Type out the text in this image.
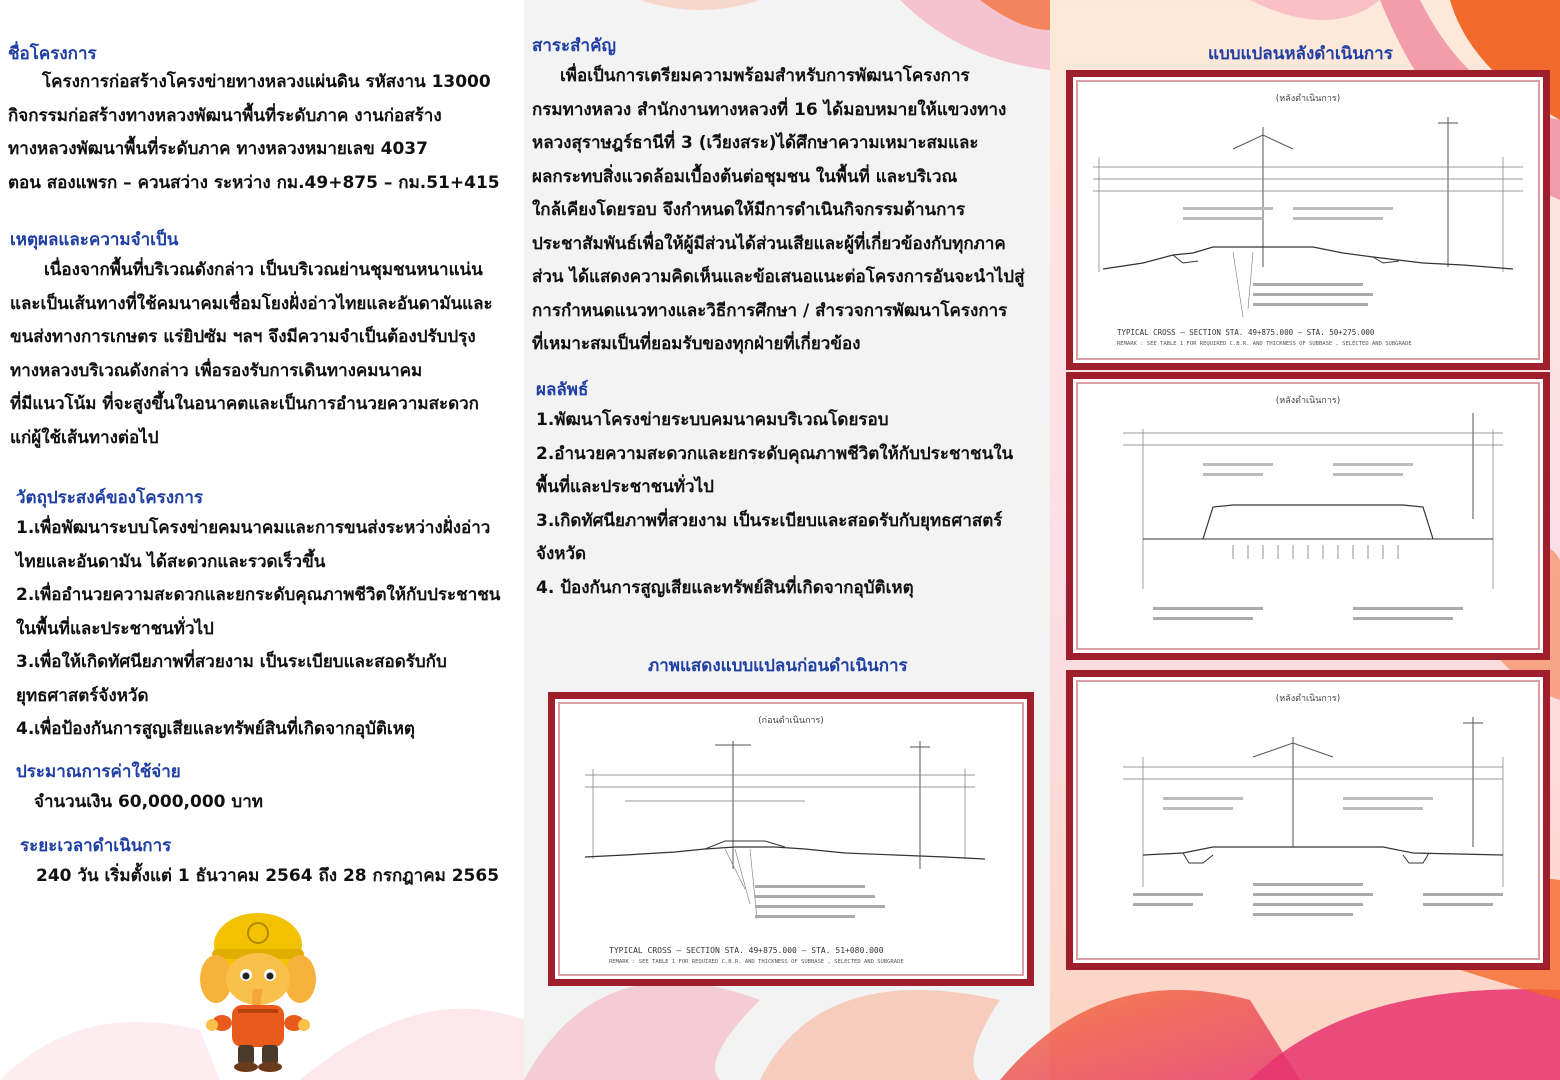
ชื่อโครงการ
โครงการก่อสร้างโครงข่ายทางหลวงแผ่นดิน รหัสงาน 13000
กิจกรรมก่อสร้างทางหลวงพัฒนาพื้นที่ระดับภาค งานก่อสร้าง
ทางหลวงพัฒนาพื้นที่ระดับภาค ทางหลวงหมายเลข 4037
ตอน สองแพรก – ควนสว่าง ระหว่าง กม.49+875 – กม.51+415
เหตุผลและความจำเป็น
เนื่องจากพื้นที่บริเวณดังกล่าว เป็นบริเวณย่านชุมชนหนาแน่น
และเป็นเส้นทางที่ใช้คมนาคมเชื่อมโยงฝั่งอ่าวไทยและอันดามันและ
ขนส่งทางการเกษตร แร่ยิปซัม ฯลฯ จึงมีความจำเป็นต้องปรับปรุง
ทางหลวงบริเวณดังกล่าว เพื่อรองรับการเดินทางคมนาคม
ที่มีแนวโน้ม ที่จะสูงขึ้นในอนาคตและเป็นการอำนวยความสะดวก
แก่ผู้ใช้เส้นทางต่อไป
วัตถุประสงค์ของโครงการ
1.เพื่อพัฒนาระบบโครงข่ายคมนาคมและการขนส่งระหว่างฝั่งอ่าว
ไทยและอันดามัน ได้สะดวกและรวดเร็วขึ้น
2.เพื่ออำนวยความสะดวกและยกระดับคุณภาพชีวิตให้กับประชาชน
ในพื้นที่และประชาชนทั่วไป
3.เพื่อให้เกิดทัศนียภาพที่สวยงาม เป็นระเบียบและสอดรับกับ
ยุทธศาสตร์จังหวัด
4.เพื่อป้องกันการสูญเสียและทรัพย์สินที่เกิดจากอุบัติเหตุ
ประมาณการค่าใช้จ่าย
จำนวนเงิน 60,000,000 บาท
ระยะเวลาดำเนินการ
240 วัน เริ่มตั้งแต่ 1 ธันวาคม 2564 ถึง 28 กรกฎาคม 2565
สาระสำคัญ
เพื่อเป็นการเตรียมความพร้อมสำหรับการพัฒนาโครงการ
กรมทางหลวง สำนักงานทางหลวงที่ 16 ได้มอบหมายให้แขวงทาง
หลวงสุราษฎร์ธานีที่ 3 (เวียงสระ)ได้ศึกษาความเหมาะสมและ
ผลกระทบสิ่งแวดล้อมเบื้องต้นต่อชุมชน ในพื้นที่ และบริเวณ
ใกล้เคียงโดยรอบ จึงกำหนดให้มีการดำเนินกิจกรรมด้านการ
ประชาสัมพันธ์เพื่อให้ผู้มีส่วนได้ส่วนเสียและผู้ที่เกี่ยวข้องกับทุกภาค
ส่วน ได้แสดงความคิดเห็นและข้อเสนอแนะต่อโครงการอันจะนำไปสู่
การกำหนดแนวทางและวิธีการศึกษา / สำรวจการพัฒนาโครงการ
ที่เหมาะสมเป็นที่ยอมรับของทุกฝ่ายที่เกี่ยวข้อง
ผลลัพธ์
1.พัฒนาโครงข่ายระบบคมนาคมบริเวณโดยรอบ
2.อำนวยความสะดวกและยกระดับคุณภาพชีวิตให้กับประชาชนใน
พื้นที่และประชาชนทั่วไป
3.เกิดทัศนียภาพที่สวยงาม เป็นระเบียบและสอดรับกับยุทธศาสตร์
จังหวัด
4. ป้องกันการสูญเสียและทรัพย์สินที่เกิดจากอุบัติเหตุ
ภาพแสดงแบบแปลนก่อนดำเนินการ
(ก่อนดำเนินการ)
TYPICAL CROSS – SECTION STA. 49+875.000 – STA. 51+080.000
REMARK : SEE TABLE 1 FOR REQUIRED C.B.R. AND THICKNESS OF SUBBASE , SELECTED AND SUBGRADE
แบบแปลนหลังดำเนินการ
(หลังดำเนินการ)
TYPICAL CROSS – SECTION STA. 49+875.000 – STA. 50+275.000
REMARK : SEE TABLE 1 FOR REQUIRED C.B.R. AND THICKNESS OF SUBBASE , SELECTED AND SUBGRADE
(หลังดำเนินการ)
(หลังดำเนินการ)
